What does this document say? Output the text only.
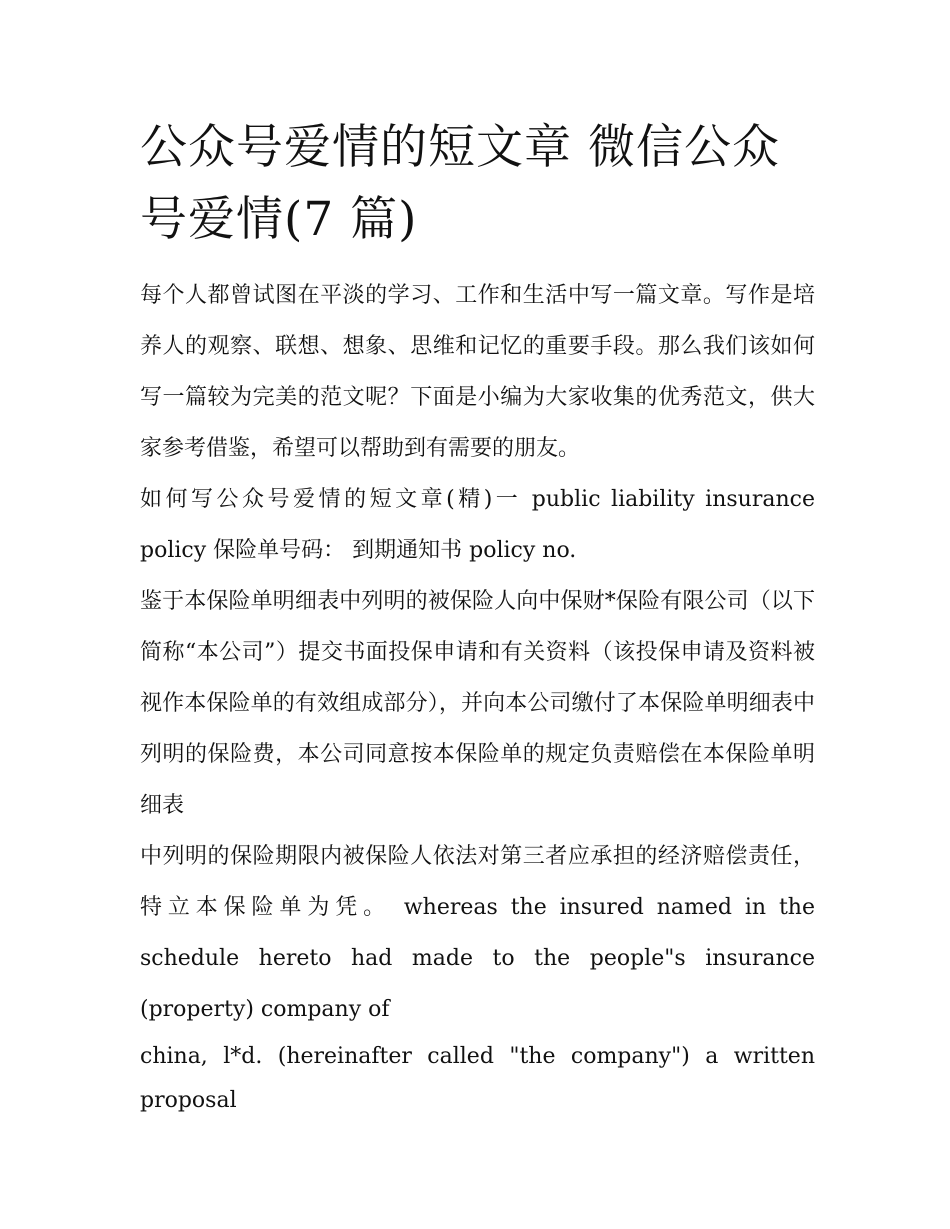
公众号爱情的短文章 微信公众号爱情(7 篇)

每个人都曾试图在平淡的学习、工作和生活中写一篇文章。写作是培养人的观察、联想、想象、思维和记忆的重要手段。那么我们该如何写一篇较为完美的范文呢？下面是小编为大家收集的优秀范文，供大家参考借鉴，希望可以帮助到有需要的朋友。

如何写公众号爱情的短文章(精)一 public liability insurance policy 保险单号码： 到期通知书 policy no.

鉴于本保险单明细表中列明的被保险人向中保财*保险有限公司（以下简称“本公司”）提交书面投保申请和有关资料（该投保申请及资料被视作本保险单的有效组成部分），并向本公司缴付了本保险单明细表中列明的保险费，本公司同意按本保险单的规定负责赔偿在本保险单明细表

中列明的保险期限内被保险人依法对第三者应承担的经济赔偿责任，特立本保险单为凭。 whereas the insured named in the schedule hereto had made to the people"s insurance (property) company of

china, l*d. (hereinafter called "the company") a written proposal
